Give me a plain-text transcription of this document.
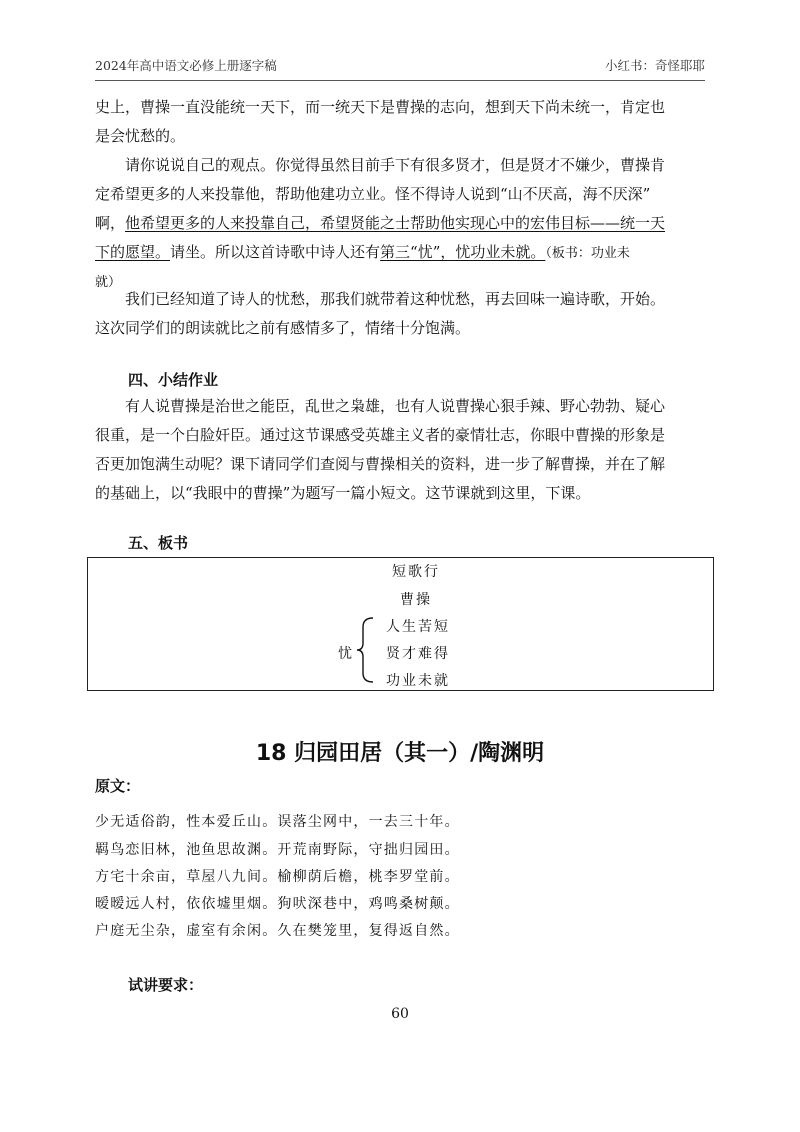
2024年高中语文必修上册逐字稿	小红书：奇怪耶耶
史上，曹操一直没能统一天下，而一统天下是曹操的志向，想到天下尚未统一，肯定也
是会忧愁的。
请你说说自己的观点。你觉得虽然目前手下有很多贤才，但是贤才不嫌少，曹操肯
定希望更多的人来投靠他，帮助他建功立业。怪不得诗人说到“山不厌高，海不厌深”
啊，他希望更多的人来投靠自己，希望贤能之士帮助他实现心中的宏伟目标——统一天
下的愿望。请坐。所以这首诗歌中诗人还有第三“忧”，忧功业未就。（板书：功业未
就）
我们已经知道了诗人的忧愁，那我们就带着这种忧愁，再去回味一遍诗歌，开始。
这次同学们的朗读就比之前有感情多了，情绪十分饱满。
四、小结作业
有人说曹操是治世之能臣，乱世之枭雄，也有人说曹操心狠手辣、野心勃勃、疑心
很重，是一个白脸奸臣。通过这节课感受英雄主义者的豪情壮志，你眼中曹操的形象是
否更加饱满生动呢？课下请同学们查阅与曹操相关的资料，进一步了解曹操，并在了解
的基础上，以“我眼中的曹操”为题写一篇小短文。这节课就到这里，下课。
五、板书
短歌行
曹操
忧
人生苦短
贤才难得
功业未就
18 归园田居（其一）/陶渊明
原文：
少无适俗韵，性本爱丘山。误落尘网中，一去三十年。
羁鸟恋旧林，池鱼思故渊。开荒南野际，守拙归园田。
方宅十余亩，草屋八九间。榆柳荫后檐，桃李罗堂前。
暧暧远人村，依依墟里烟。狗吠深巷中，鸡鸣桑树颠。
户庭无尘杂，虚室有余闲。久在樊笼里，复得返自然。
试讲要求：
60
